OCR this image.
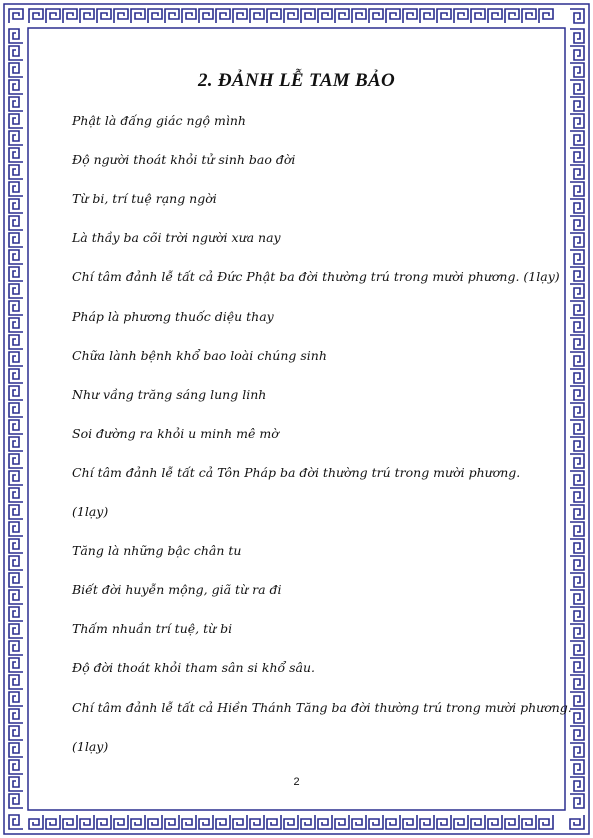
2. ĐẢNH LỄ TAM BẢO

Phật là đấng giác ngộ mình

Độ người thoát khỏi tử sinh bao đời

Từ bi, trí tuệ rạng ngời

Là thầy ba cõi trời người xưa nay

Chí tâm đảnh lễ tất cả Đức Phật ba đời thường trú trong mười phương. (1lạy)

Pháp là phương thuốc diệu thay

Chữa lành bệnh khổ bao loài chúng sinh

Như vầng trăng sáng lung linh

Soi đường ra khỏi u minh mê mờ

Chí tâm đảnh lễ tất cả Tôn Pháp ba đời thường trú trong mười phương.

(1lạy)

Tăng là những bậc chân tu

Biết đời huyễn mộng, giã từ ra đi

Thấm nhuần trí tuệ, từ bi

Độ đời thoát khỏi tham sân si khổ sâu.

Chí tâm đảnh lễ tất cả Hiền Thánh Tăng ba đời thường trú trong mười phương.

(1lạy)

2
